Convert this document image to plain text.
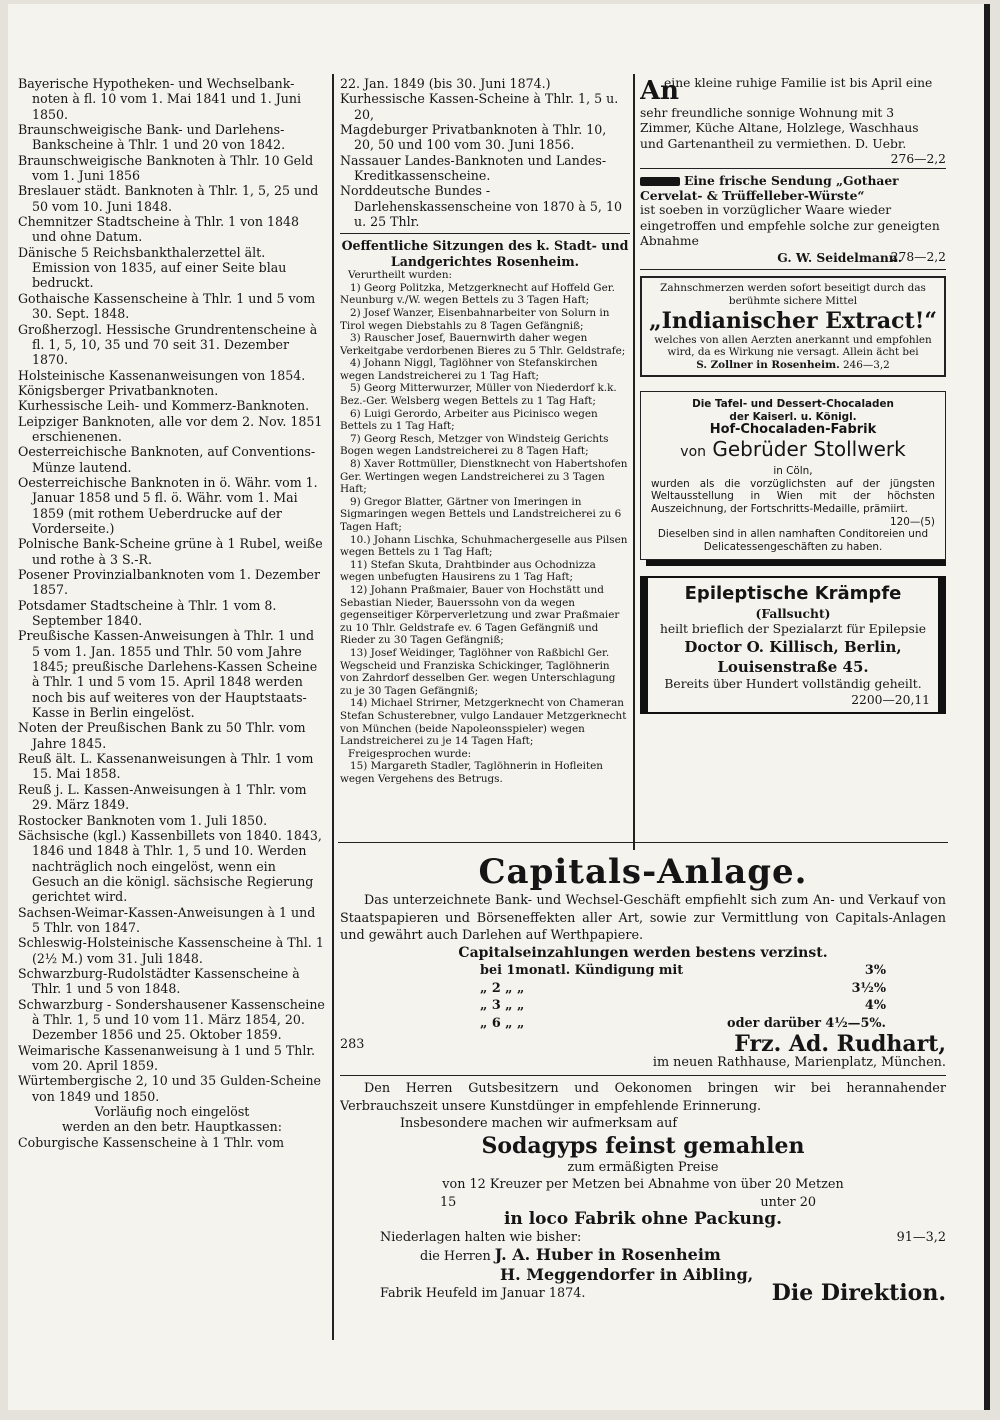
Bayerische Hypotheken- und Wechselbank-noten à fl. 10 vom 1. Mai 1841 und 1. Juni 1850.

Braunschweigische Bank- und Darlehens-Bankscheine à Thlr. 1 und 20 von 1842.

Braunschweigische Banknoten à Thlr. 10 Geld vom 1. Juni 1856

Breslauer städt. Banknoten à Thlr. 1, 5, 25 und 50 vom 10. Juni 1848.

Chemnitzer Stadtscheine à Thlr. 1 von 1848 und ohne Datum.

Dänische 5 Reichsbankthalerzettel ält. Emission von 1835, auf einer Seite blau bedruckt.

Gothaische Kassenscheine à Thlr. 1 und 5 vom 30. Sept. 1848.

Großherzogl. Hessische Grundrentenscheine à fl. 1, 5, 10, 35 und 70 seit 31. Dezember 1870.

Holsteinische Kassenanweisungen von 1854.

Königsberger Privatbanknoten.

Kurhessische Leih- und Kommerz-Banknoten.

Leipziger Banknoten, alle vor dem 2. Nov. 1851 erschienenen.

Oesterreichische Banknoten, auf Conventions-Münze lautend.

Oesterreichische Banknoten in ö. Währ. vom 1. Januar 1858 und 5 fl. ö. Währ. vom 1. Mai 1859 (mit rothem Ueberdrucke auf der Vorderseite.)

Polnische Bank-Scheine grüne à 1 Rubel, weiße und rothe à 3 S.-R.

Posener Provinzialbanknoten vom 1. Dezember 1857.

Potsdamer Stadtscheine à Thlr. 1 vom 8. September 1840.

Preußische Kassen-Anweisungen à Thlr. 1 und 5 vom 1. Jan. 1855 und Thlr. 50 vom Jahre 1845; preußische Darlehens-Kassen Scheine à Thlr. 1 und 5 vom 15. April 1848 werden noch bis auf weiteres von der Hauptstaats-Kasse in Berlin eingelöst.

Noten der Preußischen Bank zu 50 Thlr. vom Jahre 1845.

Reuß ält. L. Kassenanweisungen à Thlr. 1 vom 15. Mai 1858.

Reuß j. L. Kassen-Anweisungen à 1 Thlr. vom 29. März 1849.

Rostocker Banknoten vom 1. Juli 1850.

Sächsische (kgl.) Kassenbillets von 1840. 1843, 1846 und 1848 à Thlr. 1, 5 und 10. Werden nachträglich noch eingelöst, wenn ein Gesuch an die königl. sächsische Regierung gerichtet wird.

Sachsen-Weimar-Kassen-Anweisungen à 1 und 5 Thlr. von 1847.

Schleswig-Holsteinische Kassenscheine à Thl. 1 (2½ M.) vom 31. Juli 1848.

Schwarzburg-Rudolstädter Kassenscheine à Thlr. 1 und 5 von 1848.

Schwarzburg - Sondershausener Kassenscheine à Thlr. 1, 5 und 10 vom 11. März 1854, 20. Dezember 1856 und 25. Oktober 1859.

Weimarische Kassenanweisung à 1 und 5 Thlr. vom 20. April 1859.

Würtembergische 2, 10 und 35 Gulden-Scheine von 1849 und 1850.

Vorläufig noch eingelöst

werden an den betr. Hauptkassen:

Coburgische Kassenscheine à 1 Thlr. vom

22. Jan. 1849 (bis 30. Juni 1874.)

Kurhessische Kassen-Scheine à Thlr. 1, 5 u. 20,

Magdeburger Privatbanknoten à Thlr. 10, 20, 50 und 100 vom 30. Juni 1856.

Nassauer Landes-Banknoten und Landes-Kreditkassenscheine.

Norddeutsche Bundes - Darlehenskassenscheine von 1870 à 5, 10 u. 25 Thlr.

Oeffentliche Sitzungen des k. Stadt- und Landgerichtes Rosenheim.

Verurtheilt wurden:

1) Georg Politzka, Metzgerknecht auf Hoffeld Ger. Neunburg v./W. wegen Bettels zu 3 Tagen Haft;

2) Josef Wanzer, Eisenbahnarbeiter von Solurn in Tirol wegen Diebstahls zu 8 Tagen Gefängniß;

3) Rauscher Josef, Bauernwirth daher wegen Verkeitgabe verdorbenen Bieres zu 5 Thlr. Geldstrafe;

4) Johann Niggl, Taglöhner von Stefanskirchen wegen Landstreicherei zu 1 Tag Haft;

5) Georg Mitterwurzer, Müller von Niederdorf k.k. Bez.-Ger. Welsberg wegen Bettels zu 1 Tag Haft;

6) Luigi Gerordo, Arbeiter aus Picinisco wegen Bettels zu 1 Tag Haft;

7) Georg Resch, Metzger von Windsteig Gerichts Bogen wegen Landstreicherei zu 8 Tagen Haft;

8) Xaver Rottmüller, Dienstknecht von Habertshofen Ger. Wertingen wegen Landstreicherei zu 3 Tagen Haft;

9) Gregor Blatter, Gärtner von Imeringen in Sigmaringen wegen Bettels und Landstreicherei zu 6 Tagen Haft;

10.) Johann Lischka, Schuhmachergeselle aus Pilsen wegen Bettels zu 1 Tag Haft;

11) Stefan Skuta, Drahtbinder aus Ochodnizza wegen unbefugten Hausirens zu 1 Tag Haft;

12) Johann Praßmaier, Bauer von Hochstätt und Sebastian Nieder, Bauerssohn von da wegen gegenseitiger Körperverletzung und zwar Praßmaier zu 10 Thlr. Geldstrafe ev. 6 Tagen Gefängniß und Rieder zu 30 Tagen Gefängniß;

13) Josef Weidinger, Taglöhner von Raßbichl Ger. Wegscheid und Franziska Schickinger, Taglöhnerin von Zahrdorf desselben Ger. wegen Unterschlagung zu je 30 Tagen Gefängniß;

14) Michael Strirner, Metzgerknecht von Chameran Stefan Schusterebner, vulgo Landauer Metzgerknecht von München (beide Napoleonsspieler) wegen Landstreicherei zu je 14 Tagen Haft;

Freigesprochen wurde:

15) Margareth Stadler, Taglöhnerin in Hofleiten wegen Vergehens des Betrugs.

Aneine kleine ruhige Familie ist bis April eine sehr freundliche sonnige Wohnung mit 3 Zimmer, Küche Altane, Holzlege, Waschhaus und Gartenantheil zu vermiethen. D. Uebr.
276—2,2

Eine frische Sendung „Gothaer

Cervelat- & Trüffelleber-Würste“

ist soeben in vorzüglicher Waare wieder eingetroffen und empfehle solche zur geneigten Abnahme

278—2,2

G. W. Seidelmann.

Zahnschmerzen werden sofort beseitigt durch das berühmte sichere Mittel

„Indianischer Extract!“

welches von allen Aerzten anerkannt und empfohlen wird, da es Wirkung nie versagt. Allein ächt bei

S. Zollner in Rosenheim. 246—3,2

Die Tafel- und Dessert-Chocaladen

der Kaiserl. u. Königl.

Hof-Chocaladen-Fabrik

von Gebrüder Stollwerk

in Cöln,

wurden als die vorzüglichsten auf der jüngsten Weltausstellung in Wien mit der höchsten Auszeichnung, der Fortschritts-Medaille, prämiirt.

120—(5)

Dieselben sind in allen namhaften Conditoreien und Delicatessengeschäften zu haben.

Epileptische Krämpfe

(Fallsucht)

heilt brieflich der Spezialarzt für Epilepsie

Doctor O. Killisch, Berlin,

Louisenstraße 45.

Bereits über Hundert vollständig geheilt.

2200—20,11

Capitals-Anlage.

Das unterzeichnete Bank- und Wechsel-Geschäft empfiehlt sich zum An- und Verkauf von Staatspapieren und Börseneffekten aller Art, sowie zur Vermittlung von Capitals-Anlagen und gewährt auch Darlehen auf Werthpapiere.

Capitalseinzahlungen werden bestens verzinst.

bei 1monatl. Kündigung mit	3%
„ 2 „ „	3½%
„ 3 „ „	4%
„ 6 „ „	oder darüber 4½—5%.
283	Frz. Ad. Rudhart,

im neuen Rathhause, Marienplatz, München.

Den Herren Gutsbesitzern und Oekonomen bringen wir bei herannahender Verbrauchszeit unsere Kunstdünger in empfehlende Erinnerung.

Insbesondere machen wir aufmerksam auf

Sodagyps feinst gemahlen

zum ermäßigten Preise

von 12 Kreuzer per Metzen bei Abnahme von über 20 Metzen

15	unter 20

in loco Fabrik ohne Packung.

Niederlagen halten wie bisher:	91—3,2

die Herren J. A. Huber in Rosenheim

H. Meggendorfer in Aibling,

Fabrik Heufeld im Januar 1874.	Die Direktion.
